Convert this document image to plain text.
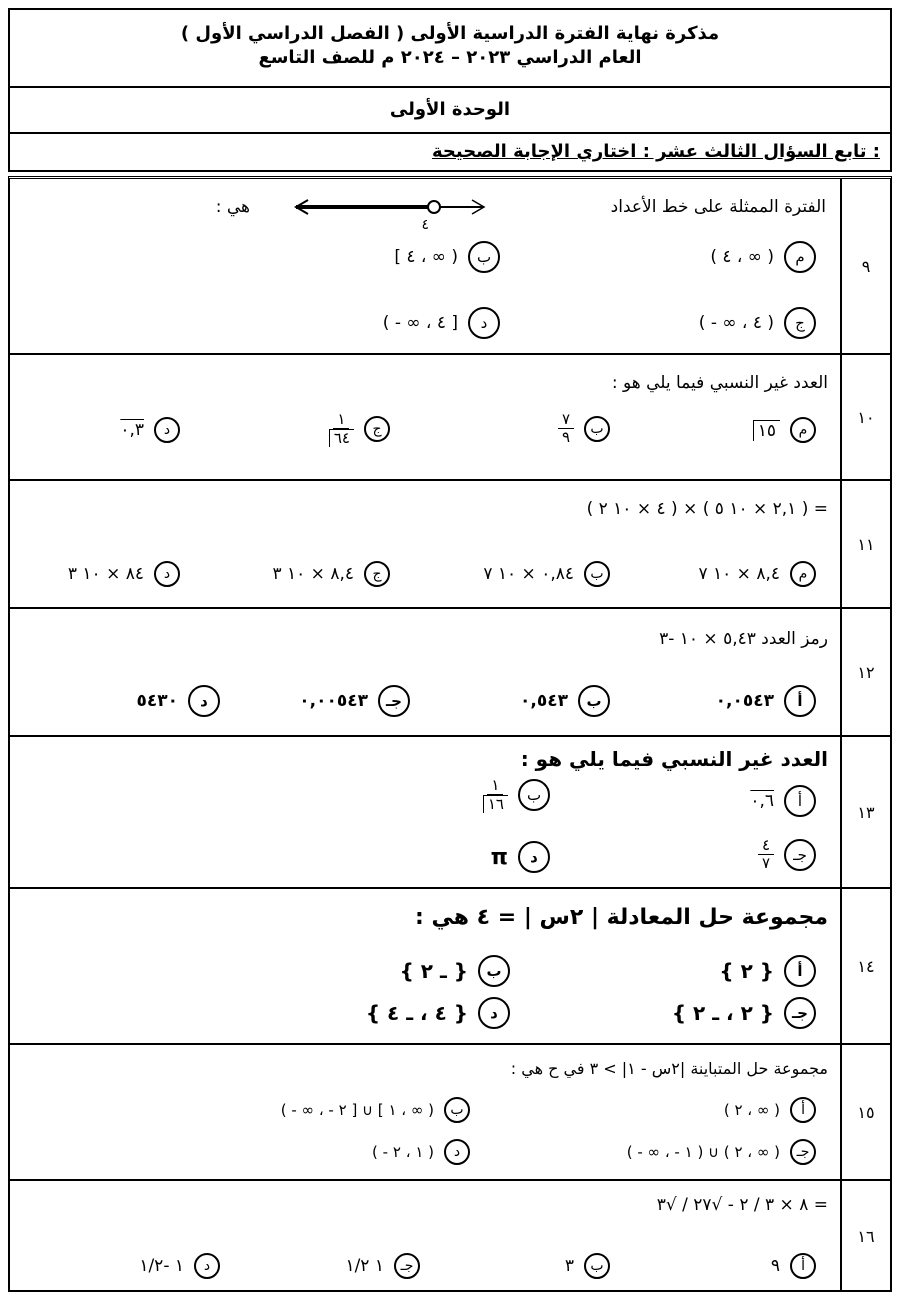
مذكرة نهاية الفترة الدراسية الأولى ( الفصل الدراسي الأول )
العام الدراسي ٢٠٢٣ – ٢٠٢٤ م للصف التاسع
الوحدة الأولى
تابع السؤال الثالث عشر : اختاري الإجابة الصحيحة :
٩
الفترة الممثلة على خط الأعداد
هي :
٤
م
( ٤ ، ∞ )
ب
[ ٤ ، ∞ )
ج
( - ∞ ، ٤ )
د
( - ∞ ، ٤ ]
١٠
العدد غير النسبي فيما يلي هو :
م
١٥
ب
$\frac{٧}{٩}$
ج
$\frac{١}{٦٤}$
د
٠,٣
١١
( ٤ × ١٠ ٢ ) × ( ٢,١ × ١٠ ٥ ) =
م
٨,٤ × ١٠ ٧
ب
٠,٨٤ × ١٠ ٧
ج
٨,٤ × ١٠ ٣
د
٨٤ × ١٠ ٣
١٢
رمز العدد ٥,٤٣ × ١٠ -٣
أ
٠,٠٥٤٣
ب
٠,٥٤٣
جـ
٠,٠٠٥٤٣
د
٥٤٣٠
١٣
العدد غير النسبي فيما يلي هو :
أ
٠,٦
ب
$\frac{١}{١٦}$
جـ
$\frac{٤}{٧}$
د
π
١٤
مجموعة حل المعادلة | ٢س | = ٤ هي :
أ
{ ٢ }
ب
{ ـ ٢ }
جـ
{ ٢ ، ـ ٢ }
د
{ ٤ ، ـ ٤ }
١٥
مجموعة حل المتباينة |٢س - ١| > ٣ في ح هي :
أ
( ٢ ، ∞ )
ب
( - ∞ ، - ١ ] ∪ [ ٢ ، ∞ )
جـ
( - ∞ ، - ١ ) ∪ ( ٢ ، ∞ )
د
( - ١ ، ٢ )
١٦
٨ × ٣ / ٢ - √٢٧ / √٣ =
أ
٩
ب
٣
جـ
١ ١/٢
د
١ -١/٢
